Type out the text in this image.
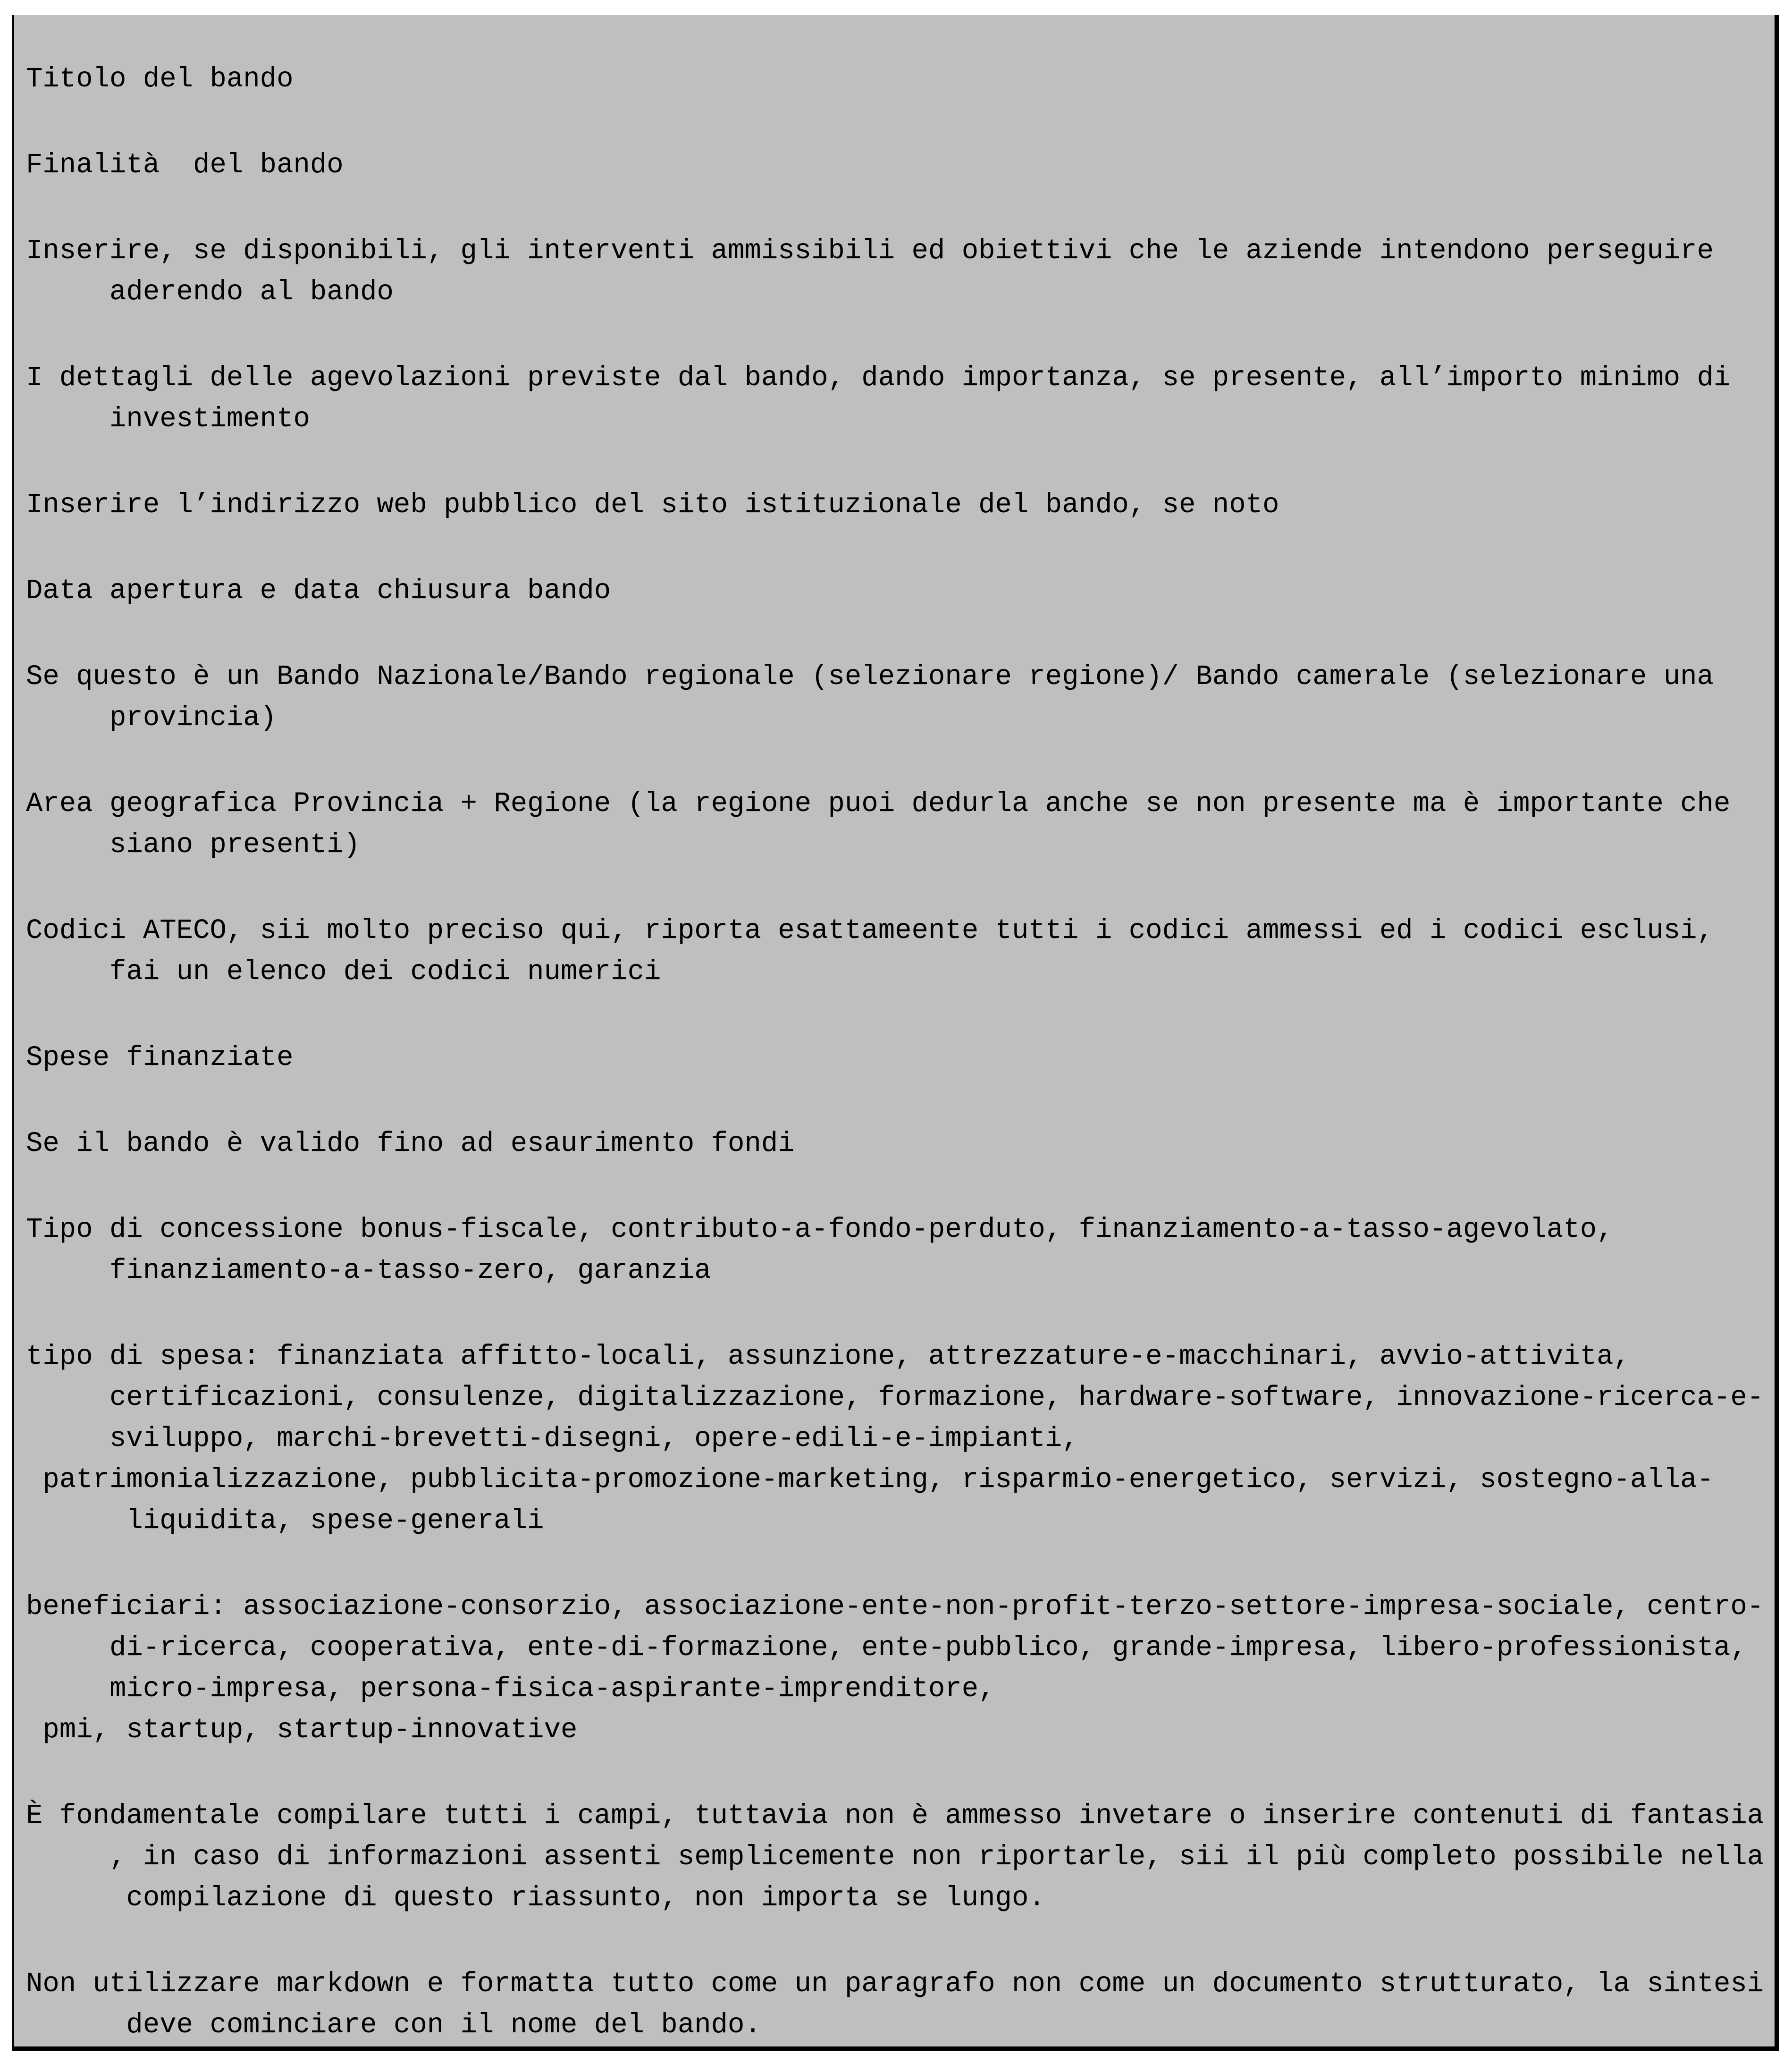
Titolo del bando
Finalità  del bando
Inserire, se disponibili, gli interventi ammissibili ed obiettivi che le aziende intendono perseguire
aderendo al bando
I dettagli delle agevolazioni previste dal bando, dando importanza, se presente, all’importo minimo di
investimento
Inserire l’indirizzo web pubblico del sito istituzionale del bando, se noto
Data apertura e data chiusura bando
Se questo è un Bando Nazionale/Bando regionale (selezionare regione)/ Bando camerale (selezionare una
provincia)
Area geografica Provincia + Regione (la regione puoi dedurla anche se non presente ma è importante che
siano presenti)
Codici ATECO, sii molto preciso qui, riporta esattameente tutti i codici ammessi ed i codici esclusi,
fai un elenco dei codici numerici
Spese finanziate
Se il bando è valido fino ad esaurimento fondi
Tipo di concessione bonus-fiscale, contributo-a-fondo-perduto, finanziamento-a-tasso-agevolato,
finanziamento-a-tasso-zero, garanzia
tipo di spesa: finanziata affitto-locali, assunzione, attrezzature-e-macchinari, avvio-attivita,
certificazioni, consulenze, digitalizzazione, formazione, hardware-software, innovazione-ricerca-e-
sviluppo, marchi-brevetti-disegni, opere-edili-e-impianti,
patrimonializzazione, pubblicita-promozione-marketing, risparmio-energetico, servizi, sostegno-alla-
liquidita, spese-generali
beneficiari: associazione-consorzio, associazione-ente-non-profit-terzo-settore-impresa-sociale, centro-
di-ricerca, cooperativa, ente-di-formazione, ente-pubblico, grande-impresa, libero-professionista,
micro-impresa, persona-fisica-aspirante-imprenditore,
pmi, startup, startup-innovative
È fondamentale compilare tutti i campi, tuttavia non è ammesso invetare o inserire contenuti di fantasia
, in caso di informazioni assenti semplicemente non riportarle, sii il più completo possibile nella
compilazione di questo riassunto, non importa se lungo.
Non utilizzare markdown e formatta tutto come un paragrafo non come un documento strutturato, la sintesi
deve cominciare con il nome del bando.
